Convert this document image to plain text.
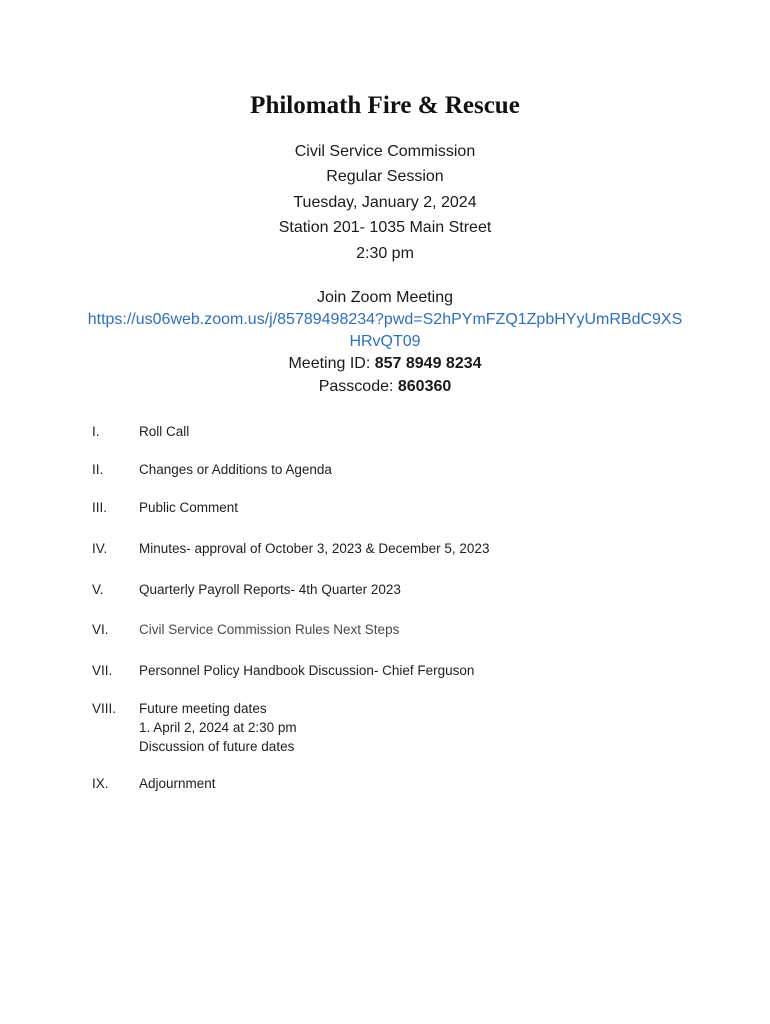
Philomath Fire & Rescue
Civil Service Commission
Regular Session
Tuesday, January 2, 2024
Station 201- 1035 Main Street
2:30 pm
Join Zoom Meeting
https://us06web.zoom.us/j/85789498234?pwd=S2hPYmFZQ1ZpbHYyUmRBdC9XS
HRvQT09
Meeting ID: 857 8949 8234
Passcode: 860360
I.	Roll Call
II.	Changes or Additions to Agenda
III. Public Comment
IV. Minutes- approval of October 3, 2023 & December 5, 2023
V.	Quarterly Payroll Reports- 4th Quarter 2023
VI. Civil Service Commission Rules Next Steps
VII. Personnel Policy Handbook Discussion- Chief Ferguson
VIII. Future meeting dates
1. April 2, 2024 at 2:30 pm
Discussion of future dates
IX. Adjournment
